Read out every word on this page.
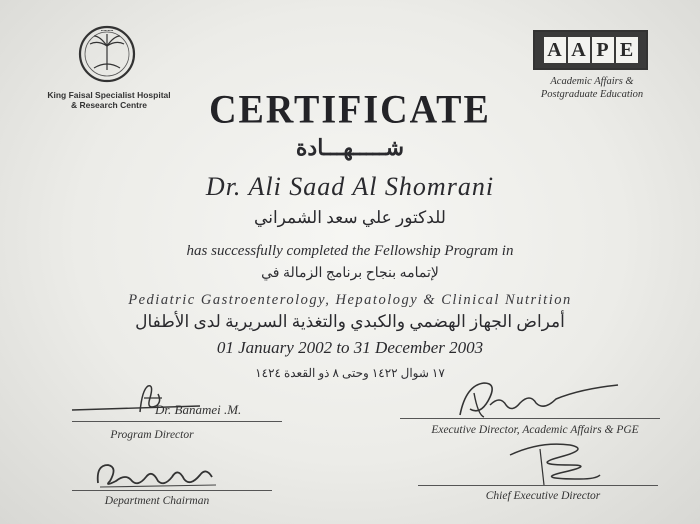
•••••••••
King Faisal Specialist Hospital
& Research Centre
A A P E
Academic Affairs &
Postgraduate Education
CERTIFICATE
شـــــهـــادة
Dr. Ali Saad Al Shomrani
للدكتور علي سعد الشمراني
has successfully completed the Fellowship Program in
لإتمامه بنجاح برنامج الزمالة في
Pediatric Gastroenterology, Hepatology & Clinical Nutrition
أمراض الجهاز الهضمي والكبدي والتغذية السريرية لدى الأطفال
01 January 2002 to 31 December 2003
١٧ شوال ١٤٢٢ وحتى ٨ ذو القعدة ١٤٢٤
Dr. Banamei .M.
Program Director	Executive Director, Academic Affairs & PGE
Department Chairman	Chief Executive Director
